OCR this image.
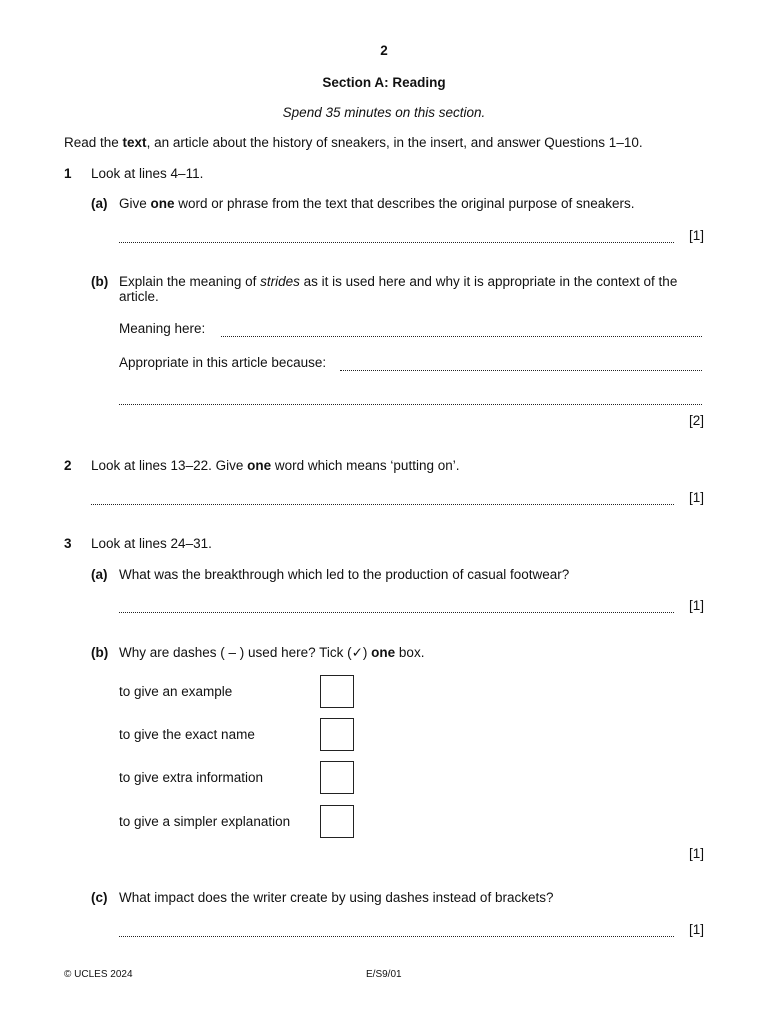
2
Section A: Reading
Spend 35 minutes on this section.
Read the text, an article about the history of sneakers, in the insert, and answer Questions 1–10.
1 Look at lines 4–11.
(a) Give one word or phrase from the text that describes the original purpose of sneakers.
[1]
(b) Explain the meaning of strides as it is used here and why it is appropriate in the context of the article.
Meaning here:
Appropriate in this article because:
[2]
2 Look at lines 13–22. Give one word which means ‘putting on’.
[1]
3 Look at lines 24–31.
(a) What was the breakthrough which led to the production of casual footwear?
[1]
(b) Why are dashes ( – ) used here? Tick (✓) one box.
to give an example
to give the exact name
to give extra information
to give a simpler explanation
[1]
(c) What impact does the writer create by using dashes instead of brackets?
[1]
© UCLES 2024	E/S9/01
